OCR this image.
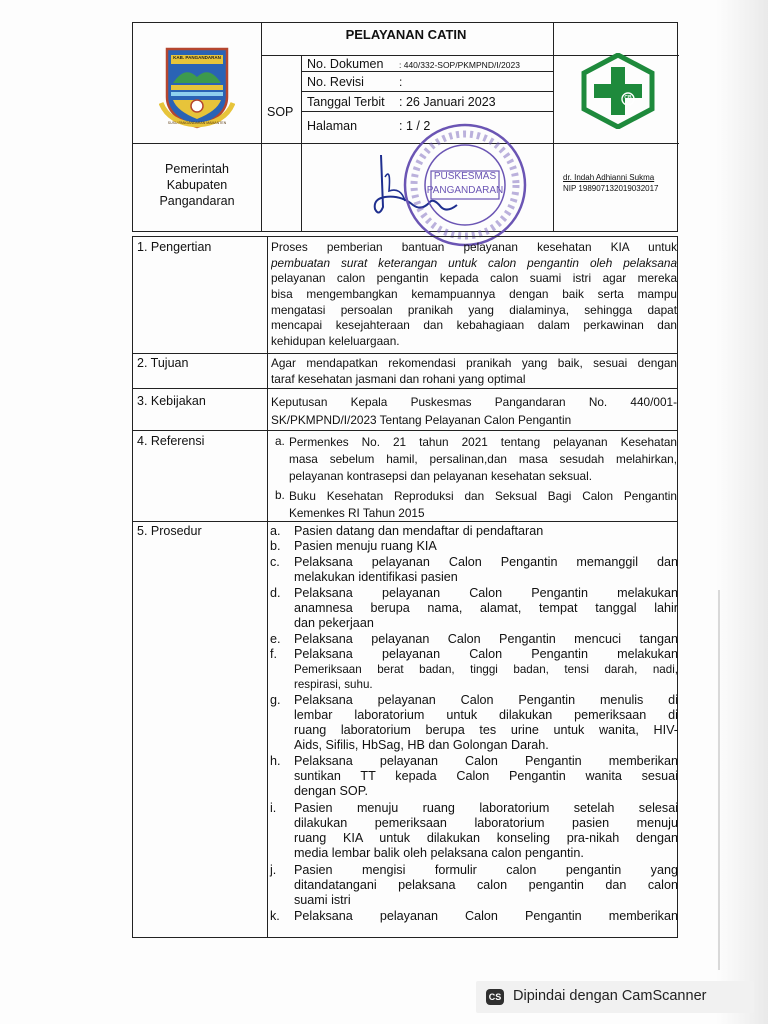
KAB. PANGANDARAN
SUSU PANGANDARAN MAMANTEN
PELAYANAN CATIN
SOP
No. Dokumen : 440/332-SOP/PKMPND/I/2023
No. Revisi	:
Tanggal Terbit : 26 Januari 2023
Halaman	: 1 / 2
CB
Pemerintah
Kabupaten
Pangandaran
PUSKESMAS
PANGANDARAN
dr. Indah Adhianni Sukma
NIP 198907132019032017
1. Pengertian	Proses pemberian bantuan pelayanan kesehatan KIA untuk
pembuatan surat keterangan untuk calon pengantin oleh pelaksana
pelayanan calon pengantin kepada calon suami istri agar mereka
bisa mengembangkan kemampuannya dengan baik serta mampu
mengatasi persoalan pranikah yang dialaminya, sehingga dapat
mencapai kesejahteraan dan kebahagiaan dalam perkawinan dan
kehidupan keleluargaan.
2. Tujuan	Agar mendapatkan rekomendasi pranikah yang baik, sesuai dengan
taraf kesehatan jasmani dan rohani yang optimal
3. Kebijakan	Keputusan Kepala Puskesmas Pangandaran No. 440/001-
SK/PKMPND/I/2023 Tentang Pelayanan Calon Pengantin
4. Referensi	a. Permenkes No. 21 tahun 2021 tentang pelayanan Kesehatan
masa sebelum hamil, persalinan,dan masa sesudah melahirkan,
pelayanan kontrasepsi dan pelayanan kesehatan seksual.
b. Buku Kesehatan Reproduksi dan Seksual Bagi Calon Pengantin
Kemenkes RI Tahun 2015
5. Prosedur	a.	Pasien datang dan mendaftar di pendaftaran
b.	Pasien menuju ruang KIA
c.	Pelaksana pelayanan Calon Pengantin memanggil dan
melakukan identifikasi pasien
d.	Pelaksana pelayanan Calon Pengantin melakukan
anamnesa berupa nama, alamat, tempat tanggal lahir
dan pekerjaan
e.	Pelaksana pelayanan Calon Pengantin mencuci tangan
f.	Pelaksana pelayanan Calon Pengantin melakukan
Pemeriksaan berat badan, tinggi badan, tensi darah, nadi,
respirasi, suhu.
g.	Pelaksana pelayanan Calon Pengantin menulis di
lembar laboratorium untuk dilakukan pemeriksaan di
ruang laboratorium berupa tes urine untuk wanita, HIV-
Aids, Sifilis, HbSag, HB dan Golongan Darah.
h.	Pelaksana pelayanan Calon Pengantin memberikan
suntikan TT kepada Calon Pengantin wanita sesuai
dengan SOP.
i.	Pasien menuju ruang laboratorium setelah selesai
dilakukan pemeriksaan laboratorium pasien menuju
ruang KIA untuk dilakukan konseling pra-nikah dengan
media lembar balik oleh pelaksana calon pengantin.
j.	Pasien mengisi formulir calon pengantin yang
ditandatangani pelaksana calon pengantin dan calon
suami istri
k.	Pelaksana pelayanan Calon Pengantin memberikan
CS Dipindai dengan CamScanner
